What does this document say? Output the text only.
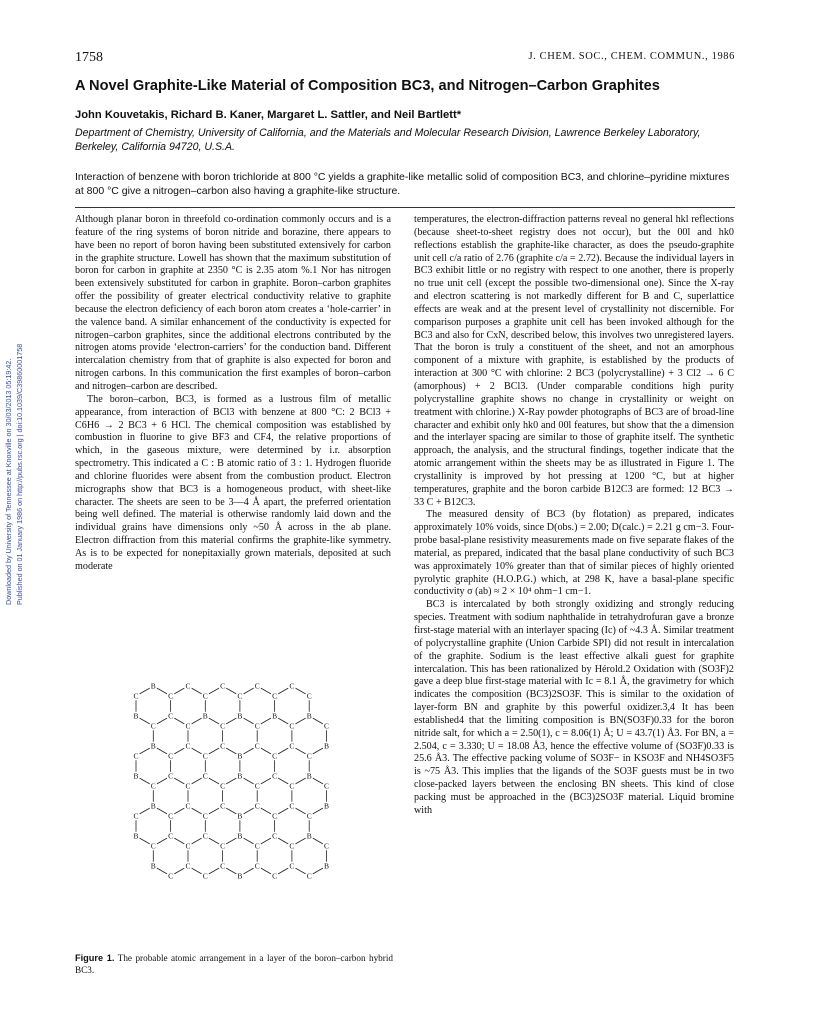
1758	J. CHEM. SOC., CHEM. COMMUN., 1986
A Novel Graphite-Like Material of Composition BC3, and Nitrogen–Carbon Graphites
John Kouvetakis, Richard B. Kaner, Margaret L. Sattler, and Neil Bartlett*
Department of Chemistry, University of California, and the Materials and Molecular Research Division, Lawrence Berkeley Laboratory, Berkeley, California 94720, U.S.A.
Interaction of benzene with boron trichloride at 800 °C yields a graphite-like metallic solid of composition BC3, and chlorine–pyridine mixtures at 800 °C give a nitrogen–carbon also having a graphite-like structure.
Downloaded by University of Tennessee at Knoxville on 30/03/2013 05:19:42. Published on 01 January 1986 on http://pubs.rsc.org | doi:10.1039/C39860001758

Although planar boron in threefold co-ordination commonly occurs and is a feature of the ring systems of boron nitride and borazine, there appears to have been no report of boron having been substituted extensively for carbon in the graphite structure. Lowell has shown that the maximum substitution of boron for carbon in graphite at 2350 °C is 2.35 atom %.1 Nor has nitrogen been extensively substituted for carbon in graphite. Boron–carbon graphites offer the possibility of greater electrical conductivity relative to graphite because the electron deficiency of each boron atom creates a ‘hole-carrier’ in the valence band. A similar enhancement of the conductivity is expected for nitrogen–carbon graphites, since the additional electrons contributed by the nitrogen atoms provide ‘electron-carriers’ for the conduction band. Different intercalation chemistry from that of graphite is also expected for boron and nitrogen carbons. In this communication the first examples of boron–carbon and nitrogen–carbon are described.

The boron–carbon, BC3, is formed as a lustrous film of metallic appearance, from interaction of BCl3 with benzene at 800 °C: 2 BCl3 + C6H6 → 2 BC3 + 6 HCl. The chemical composition was established by combustion in fluorine to give BF3 and CF4, the relative proportions of which, in the gaseous mixture, were determined by i.r. absorption spectrometry. This indicated a C : B atomic ratio of 3 : 1. Hydrogen fluoride and chlorine fluorides were absent from the combustion product. Electron micrographs show that BC3 is a homogeneous product, with sheet-like character. The sheets are seen to be 3—4 Å apart, the preferred orientation being well defined. The material is otherwise randomly laid down and the individual grains have dimensions only ~50 Å across in the ab plane. Electron diffraction from this material confirms the graphite-like symmetry. As is to be expected for nonepitaxially grown materials, deposited at such moderate

temperatures, the electron-diffraction patterns reveal no general hkl reflections (because sheet-to-sheet registry does not occur), but the 00l and hk0 reflections establish the graphite-like character, as does the pseudo-graphite unit cell c/a ratio of 2.76 (graphite c/a = 2.72). Because the individual layers in BC3 exhibit little or no registry with respect to one another, there is properly no true unit cell (except the possible two-dimensional one). Since the X-ray and electron scattering is not markedly different for B and C, superlattice effects are weak and at the present level of crystallinity not discernible. For comparison purposes a graphite unit cell has been invoked although for the BC3 and also for CxN, described below, this involves two unregistered layers. That the boron is truly a constituent of the sheet, and not an amorphous component of a mixture with graphite, is established by the products of interaction at 300 °C with chlorine: 2 BC3 (polycrystalline) + 3 Cl2 → 6 C (amorphous) + 2 BCl3. (Under comparable conditions high purity polycrystalline graphite shows no change in crystallinity or weight on treatment with chlorine.) X-Ray powder photographs of BC3 are of broad-line character and exhibit only hk0 and 00l features, but show that the a dimension and the interlayer spacing are similar to those of graphite itself. The synthetic approach, the analysis, and the structural findings, together indicate that the atomic arrangement within the sheets may be as illustrated in Figure 1. The crystallinity is improved by hot pressing at 1200 °C, but at higher temperatures, graphite and the boron carbide B12C3 are formed: 12 BC3 → 33 C + B12C3.

The measured density of BC3 (by flotation) as prepared, indicates approximately 10% voids, since D(obs.) = 2.00; D(calc.) = 2.21 g cm−3. Four-probe basal-plane resistivity measurements made on five separate flakes of the material, as prepared, indicated that the basal plane conductivity of such BC3 was approximately 10% greater than that of similar pieces of highly oriented pyrolytic graphite (H.O.P.G.) which, at 298 K, have a basal-plane specific conductivity σ (ab) ≈ 2 × 10⁴ ohm−1 cm−1.

BC3 is intercalated by both strongly oxidizing and strongly reducing species. Treatment with sodium naphthalide in tetrahydrofuran gave a bronze first-stage material with an interlayer spacing (Ic) of ~4.3 Å. Similar treatment of polycrystalline graphite (Union Carbide SPI) did not result in intercalation of the graphite. Sodium is the least effective alkali guest for graphite intercalation. This has been rationalized by Hérold.2 Oxidation with (SO3F)2 gave a deep blue first-stage material with Ic = 8.1 Å, the gravimetry for which indicates the composition (BC3)2SO3F. This is similar to the oxidation of layer-form BN and graphite by this powerful oxidizer.3,4 It has been established4 that the limiting composition is BN(SO3F)0.33 for the boron nitride salt, for which a = 2.50(1), c = 8.06(1) Å; U = 43.7(1) Å3. For BN, a = 2.504, c = 3.330; U = 18.08 Å3, hence the effective volume of (SO3F)0.33 is 25.6 Å3. The effective packing volume of SO3F− in KSO3F and NH4SO3F5 is ~75 Å3. This implies that the ligands of the SO3F guests must be in two close-packed layers between the enclosing BN sheets. This kind of close packing must be approached in the (BC3)2SO3F material. Liquid bromine with

B
C
C
C
B
C
C
C
B
C
C
C
B
C
C
C
B
C
C
C
B
C
C
C
B	C
C
C
B
C
C
C
B
C
C
C
B
C
C
C
B
C
C
C
B
C
C
C
B	C
C
C
B
C
C
C
B
C
C
C
B
C
C
C
B
C
C
C
B
C
C
C
B	C
C
C
B
C
C
C
B
C
Figure 1. The probable atomic arrangement in a layer of the boron–carbon hybrid BC3.
